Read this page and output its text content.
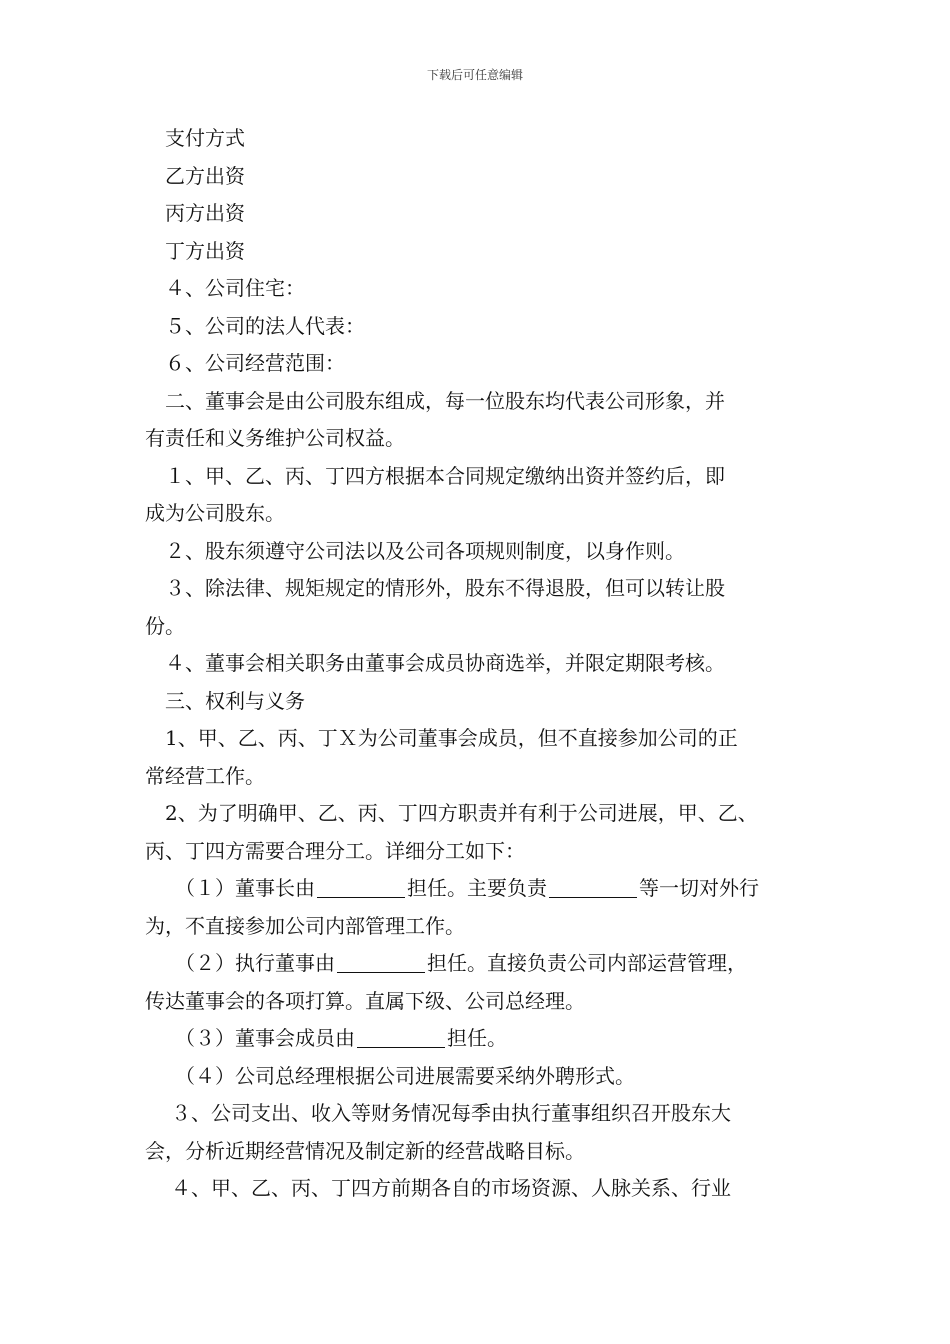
下载后可任意编辑
支付方式
乙方出资
丙方出资
丁方出资
４、公司住宅：
５、公司的法人代表：
６、公司经营范围：
二、董事会是由公司股东组成，每一位股东均代表公司形象，并
有责任和义务维护公司权益。
１、甲、乙、丙、丁四方根据本合同规定缴纳出资并签约后，即
成为公司股东。
２、股东须遵守公司法以及公司各项规则制度，以身作则。
３、除法律、规矩规定的情形外，股东不得退股，但可以转让股
份。
４、董事会相关职务由董事会成员协商选举，并限定期限考核。
三、权利与义务
1、甲、乙、丙、丁Ｘ为公司董事会成员，但不直接参加公司的正
常经营工作。
2、为了明确甲、乙、丙、丁四方职责并有利于公司进展，甲、乙、
丙、丁四方需要合理分工。详细分工如下：
（１）董事长由	担任。主要负责	等一切对外行
为，不直接参加公司内部管理工作。
（２）执行董事由	担任。直接负责公司内部运营管理，
传达董事会的各项打算。直属下级、公司总经理。
（３）董事会成员由	担任。
（４）公司总经理根据公司进展需要采纳外聘形式。
３、公司支出、收入等财务情况每季由执行董事组织召开股东大
会，分析近期经营情况及制定新的经营战略目标。
４、甲、乙、丙、丁四方前期各自的市场资源、人脉关系、行业
